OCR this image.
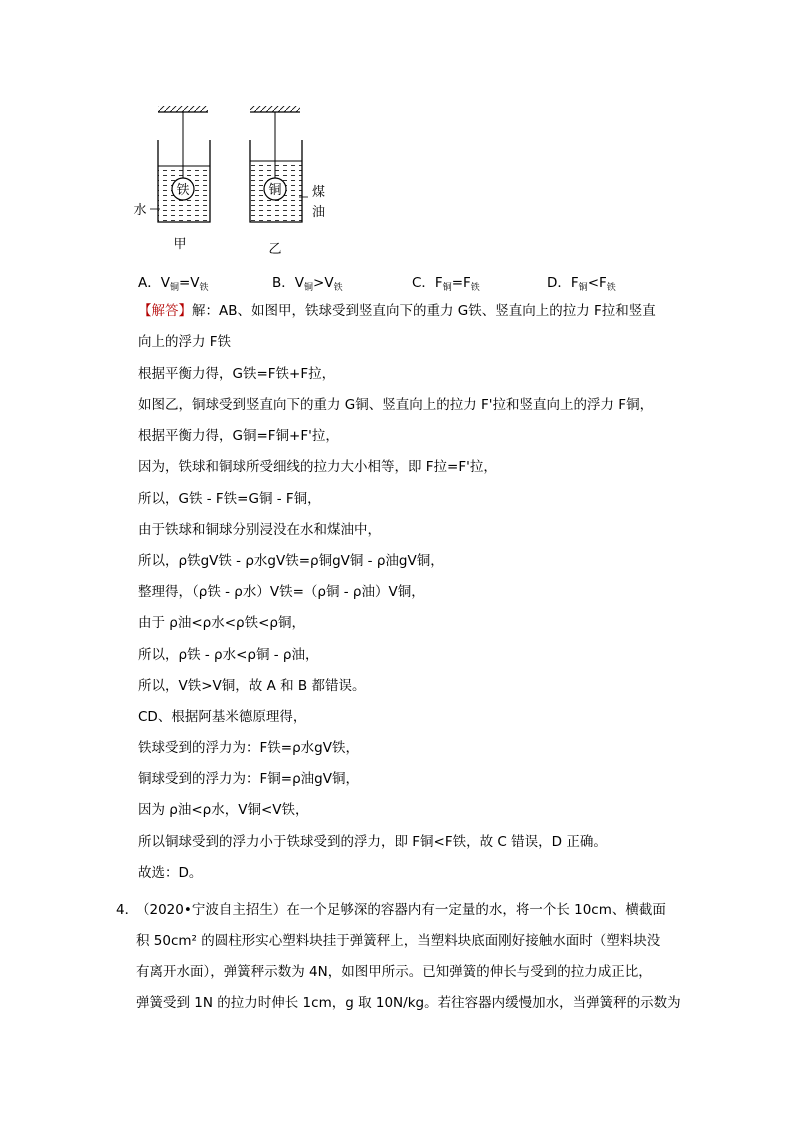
铁	铜
水
煤
油
甲	乙
A．$V_铜=V_铁$	B．$V_铜>V_铁$	C．$F_铜=F_铁$	D．$F_铜<F_铁$
【解答】解：AB、如图甲，铁球受到竖直向下的重力 G铁、竖直向上的拉力 F拉和竖直
向上的浮力 F铁
根据平衡力得，G铁=F铁+F拉，
如图乙，铜球受到竖直向下的重力 G铜、竖直向上的拉力 F'拉和竖直向上的浮力 F铜，
根据平衡力得，G铜=F铜+F'拉，
因为，铁球和铜球所受细线的拉力大小相等，即 F拉=F'拉，
所以，G铁 - F铁=G铜 - F铜，
由于铁球和铜球分别浸没在水和煤油中，
所以，ρ铁gV铁 - ρ水gV铁=ρ铜gV铜 - ρ油gV铜，
整理得，（ρ铁 - ρ水）V铁=（ρ铜 - ρ油）V铜，
由于 ρ油<ρ水<ρ铁<ρ铜，
所以，ρ铁 - ρ水<ρ铜 - ρ油，
所以，V铁>V铜，故 A 和 B 都错误。
CD、根据阿基米德原理得，
铁球受到的浮力为：F铁=ρ水gV铁，
铜球受到的浮力为：F铜=ρ油gV铜，
因为 ρ油<ρ水，V铜<V铁，
所以铜球受到的浮力小于铁球受到的浮力，即 F铜<F铁，故 C 错误，D 正确。
故选：D。
4．
（2020•宁波自主招生）在一个足够深的容器内有一定量的水，将一个长 10cm、横截面
积 50cm² 的圆柱形实心塑料块挂于弹簧秤上，当塑料块底面刚好接触水面时（塑料块没
有离开水面），弹簧秤示数为 4N，如图甲所示。已知弹簧的伸长与受到的拉力成正比，
弹簧受到 1N 的拉力时伸长 1cm，g 取 10N/kg。若往容器内缓慢加水，当弹簧秤的示数为
